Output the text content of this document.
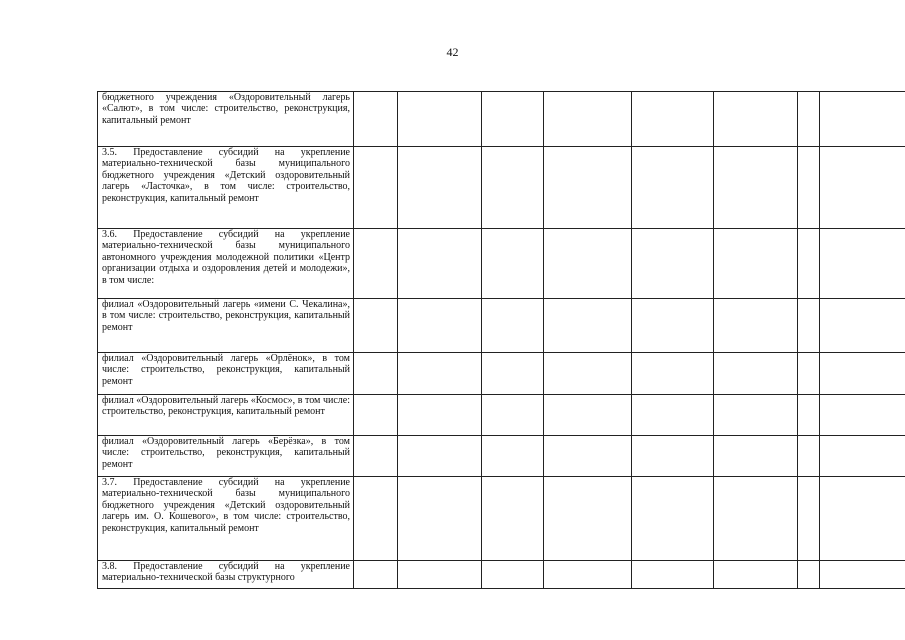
42
бюджетного учреждения «Оздоровительный лагерь «Салют», в том числе: строительство, реконструкция, капитальный ремонт								

3.5. Предоставление субсидий на укрепление материально-технической базы муниципального бюджетного учреждения «Детский оздоровительный лагерь «Ласточка», в том числе: строительство, реконструкция, капитальный ремонт								

3.6. Предоставление субсидий на укрепление материально-технической базы муниципального автономного учреждения молодежной политики «Центр организации отдыха и оздоровления детей и молодежи», в том числе:								

филиал «Оздоровительный лагерь «имени С. Чекалина», в том числе: строительство, реконструкция, капитальный ремонт								

филиал «Оздоровительный лагерь «Орлёнок», в том числе: строительство, реконструкция, капитальный ремонт								

филиал «Оздоровительный лагерь «Космос», в том числе: строительство, реконструкция, капитальный ремонт								

филиал «Оздоровительный лагерь «Берёзка», в том числе: строительство, реконструкция, капитальный ремонт								

3.7. Предоставление субсидий на укрепление материально-технической базы муниципального бюджетного учреждения «Детский оздоровительный лагерь им. О. Кошевого», в том числе: строительство, реконструкция, капитальный ремонт								

3.8. Предоставление субсидий на укрепление материально-технической базы структурного								
